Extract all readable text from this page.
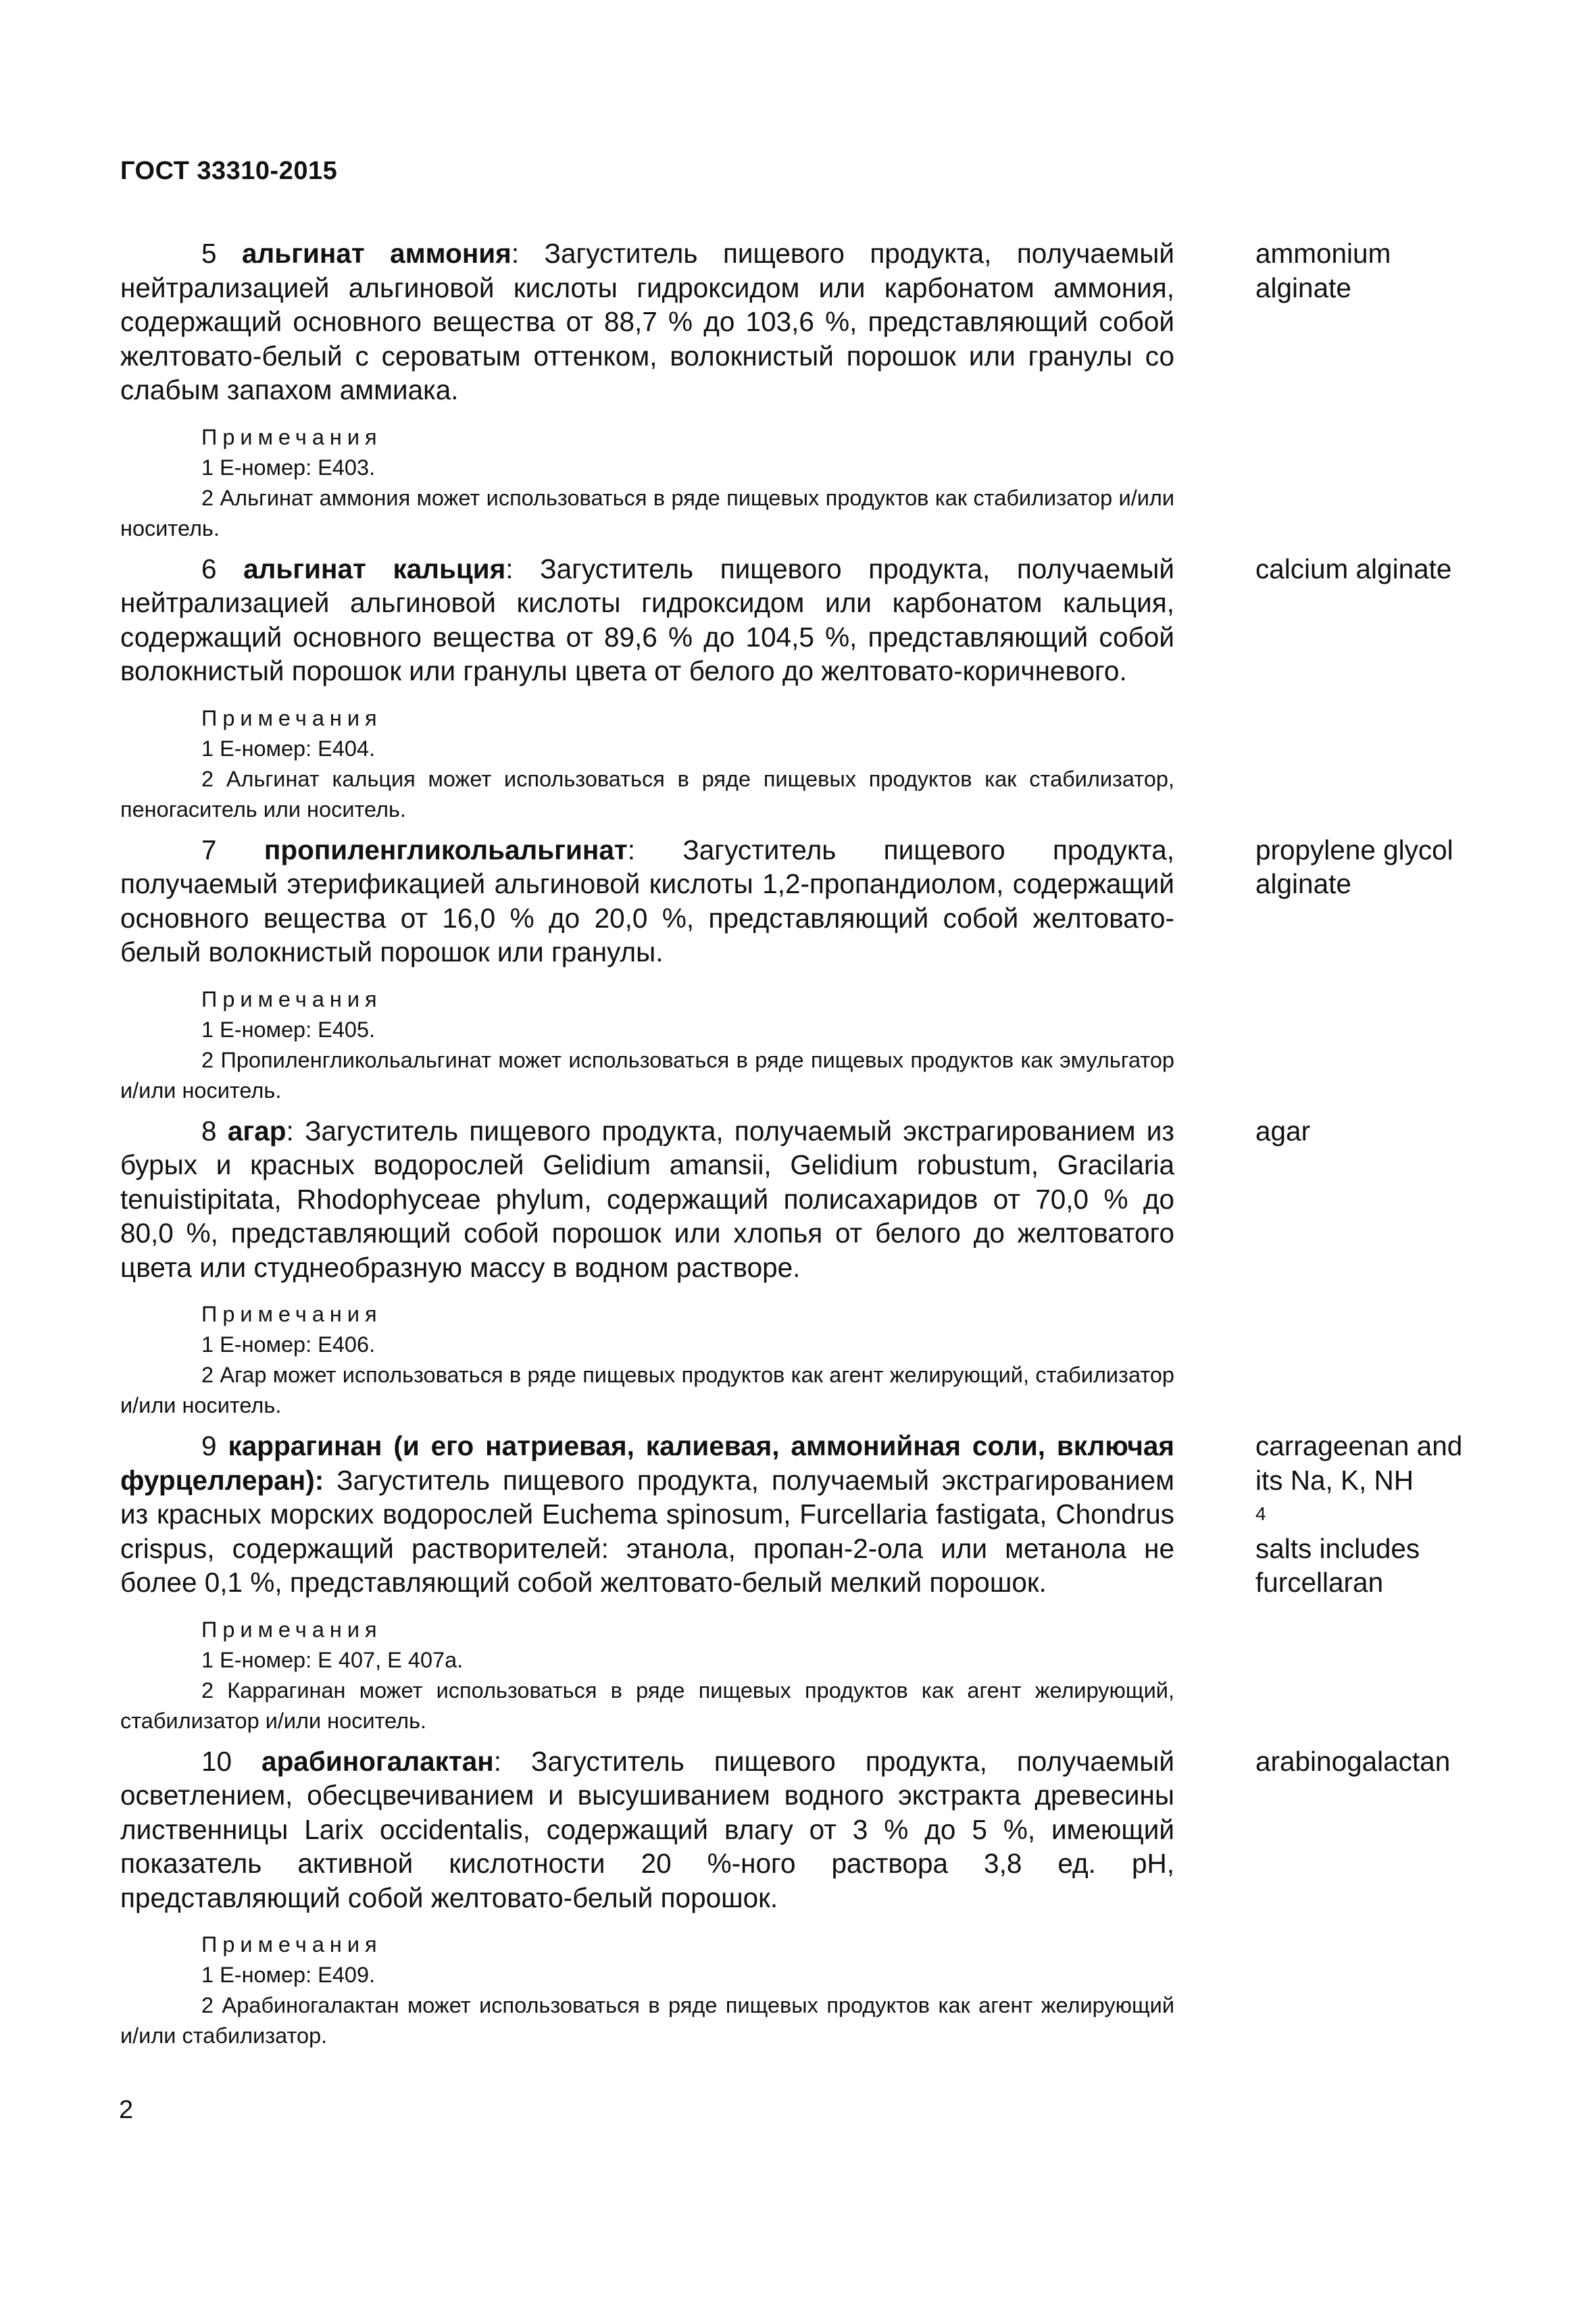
ГОСТ 33310-2015

5 альгинат аммония: Загуститель пищевого продукта, получаемый нейтрализацией альгиновой кислоты гидроксидом или карбонатом аммония, содержащий основного вещества от 88,7 % до 103,6 %, представляющий собой желтовато-белый с сероватым оттенком, волокнистый порошок или гранулы со слабым запахом аммиака.

Примечания

1 Е-номер: Е403.

2 Альгинат аммония может использоваться в ряде пищевых продуктов как стабилизатор и/или носитель.

ammonium
alginate

6 альгинат кальция: Загуститель пищевого продукта, получаемый нейтрализацией альгиновой кислоты гидроксидом или карбонатом кальция, содержащий основного вещества от 89,6 % до 104,5 %, представляющий собой волокнистый порошок или гранулы цвета от белого до желтовато-коричневого.

Примечания

1 Е-номер: Е404.

2 Альгинат кальция может использоваться в ряде пищевых продуктов как стабилизатор, пеногаситель или носитель.

calcium alginate

7 пропиленгликольальгинат: Загуститель пищевого продукта, получаемый этерификацией альгиновой кислоты 1,2-пропандиолом, содержащий основного вещества от 16,0 % до 20,0 %, представляющий собой желтовато-белый волокнистый порошок или гранулы.

Примечания

1 Е-номер: Е405.

2 Пропиленгликольальгинат может использоваться в ряде пищевых продуктов как эмульгатор и/или носитель.

propylene glycol
alginate

8 агар: Загуститель пищевого продукта, получаемый экстрагированием из бурых и красных водорослей Gelidium amansii, Gelidium robustum, Gracilaria tenuistipitata, Rhodophyceae phylum, содержащий полисахаридов от 70,0 % до 80,0 %, представляющий собой порошок или хлопья от белого до желтоватого цвета или студнеобразную массу в водном растворе.

Примечания

1 Е-номер: Е406.

2 Агар может использоваться в ряде пищевых продуктов как агент желирующий, стабилизатор и/или носитель.

agar

9 каррагинан (и его натриевая, калиевая, аммонийная соли, включая фурцеллеран): Загуститель пищевого продукта, получаемый экстрагированием из красных морских водорослей Euchema spinosum, Furcellaria fastigata, Chondrus crispus, содержащий растворителей: этанола, пропан-2-ола или метанола не более 0,1 %, представляющий собой желтовато-белый мелкий порошок.

Примечания

1 Е-номер: Е 407, Е 407а.

2 Каррагинан может использоваться в ряде пищевых продуктов как агент желирующий, стабилизатор и/или носитель.

carrageenan and
its Na, K, NH
4
salts includes
furcellaran

10 арабиногалактан: Загуститель пищевого продукта, получаемый осветлением, обесцвечиванием и высушиванием водного экстракта древесины лиственницы Larix occidentalis, содержащий влагу от 3 % до 5 %, имеющий показатель активной кислотности 20 %-ного раствора 3,8 ед. pH, представляющий собой желтовато-белый порошок.

Примечания

1 Е-номер: Е409.

2 Арабиногалактан может использоваться в ряде пищевых продуктов как агент желирующий и/или стабилизатор.

arabinogalactan
2
